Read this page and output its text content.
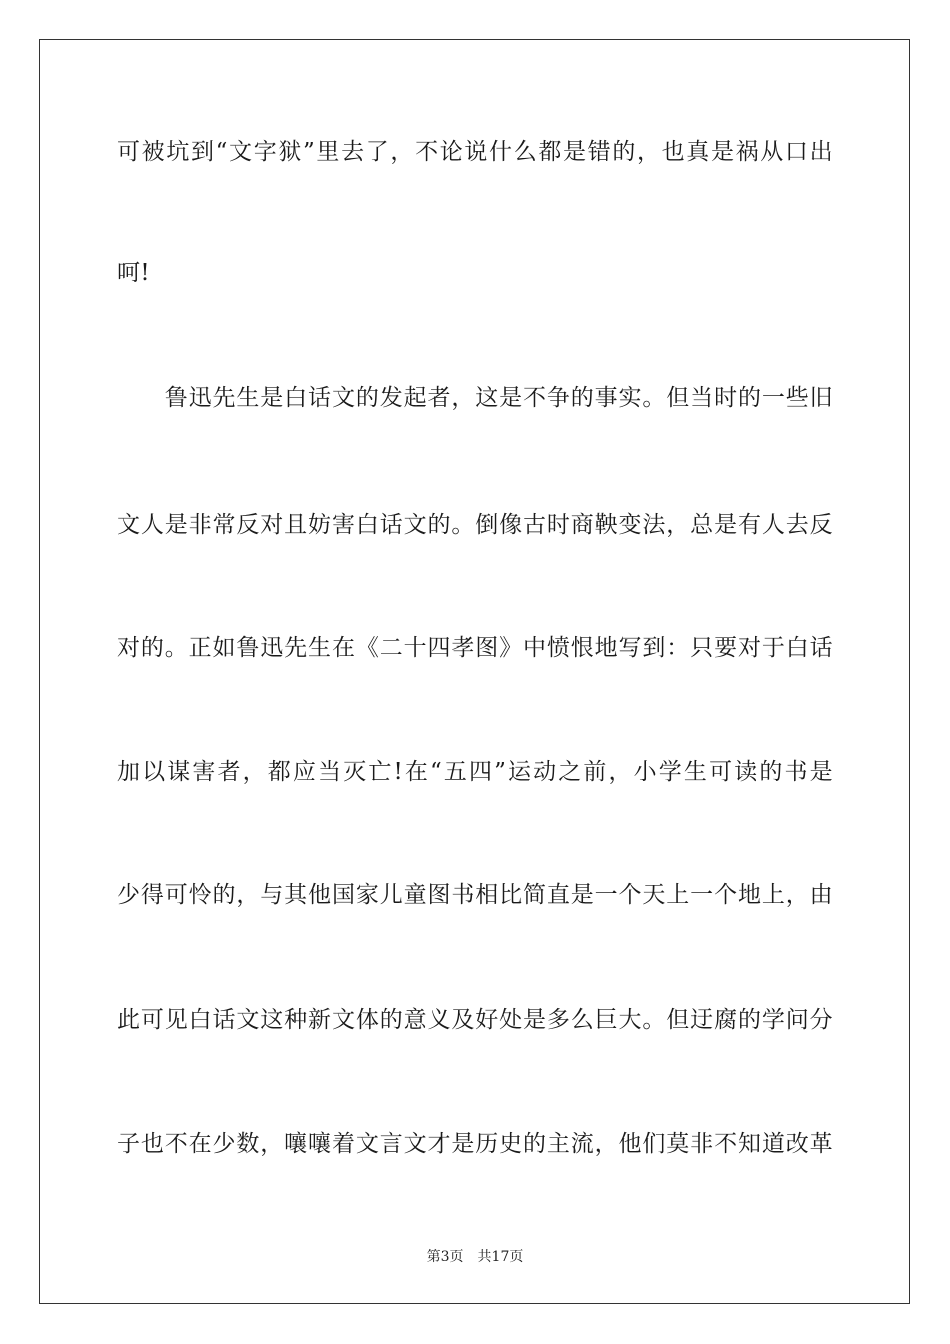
可被坑到“文字狱”里去了，不论说什么都是错的，也真是祸从口出
呵!
　　鲁迅先生是白话文的发起者，这是不争的事实。但当时的一些旧
文人是非常反对且妨害白话文的。倒像古时商鞅变法，总是有人去反
对的。正如鲁迅先生在《二十四孝图》中愤恨地写到：只要对于白话
加以谋害者，都应当灭亡!在“五四”运动之前，小学生可读的书是
少得可怜的，与其他国家儿童图书相比简直是一个天上一个地上，由
此可见白话文这种新文体的意义及好处是多么巨大。但迂腐的学问分
子也不在少数，嚷嚷着文言文才是历史的主流，他们莫非不知道改革
第3页 共17页
